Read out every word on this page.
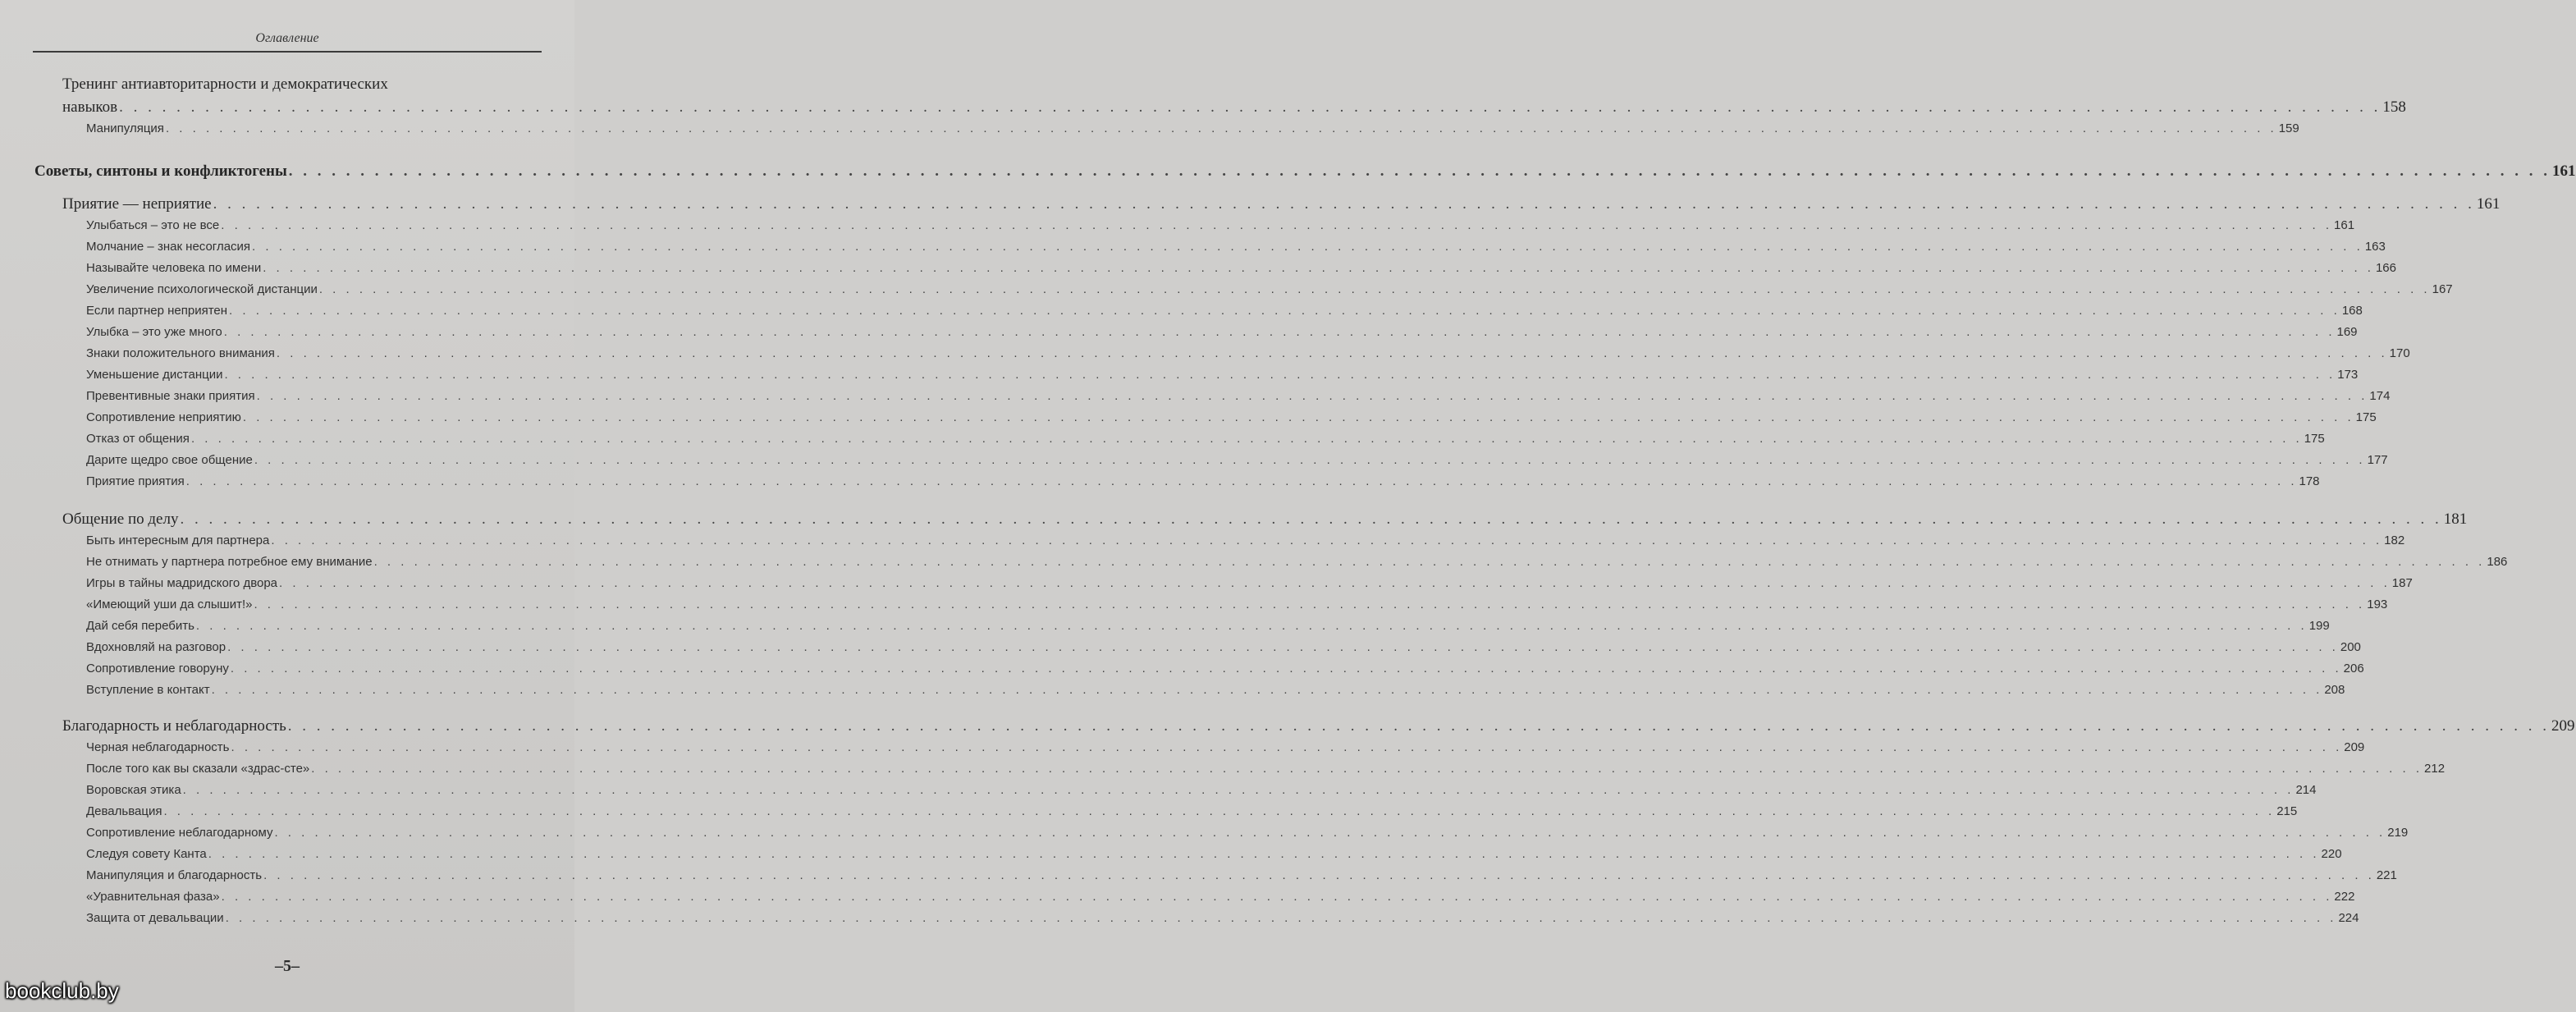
Оглавление
Тренинг антиавторитарности и демократических
навыков . . .	158
Манипуляция . . .	159
Советы, синтоны и конфликтогены . . .	161
Приятие — неприятие . . .	161
Улыбаться – это не все . . .	161
Молчание – знак несогласия . . .	163
Называйте человека по имени . . .	166
Увеличение психологической дистанции . . .	167
Если партнер неприятен . . .	168
Улыбка – это уже много . . .	169
Знаки положительного внимания . . .	170
Уменьшение дистанции . . .	173
Превентивные знаки приятия . . .	174
Сопротивление неприятию . . .	175
Отказ от общения . . .	175
Дарите щедро свое общение . . .	177
Приятие приятия . . .	178
Общение по делу . . .	181
Быть интересным для партнера . . .	182
Не отнимать у партнера потребное ему внимание . . .	186
Игры в тайны мадридского двора . . .	187
«Имеющий уши да слышит!» . . .	193
Дай себя перебить . . .	199
Вдохновляй на разговор . . .	200
Сопротивление говоруну . . .	206
Вступление в контакт . . .	208
Благодарность и неблагодарность . . .	209
Черная неблагодарность . . .	209
После того как вы сказали «здрас-сте» . . .	212
Воровская этика . . .	214
Девальвация . . .	215
Сопротивление неблагодарному . . .	219
Следуя совету Канта . . .	220
Манипуляция и благодарность . . .	221
«Уравнительная фаза» . . .	222
Защита от девальвации . . .	224
–5–
bookclub.by
